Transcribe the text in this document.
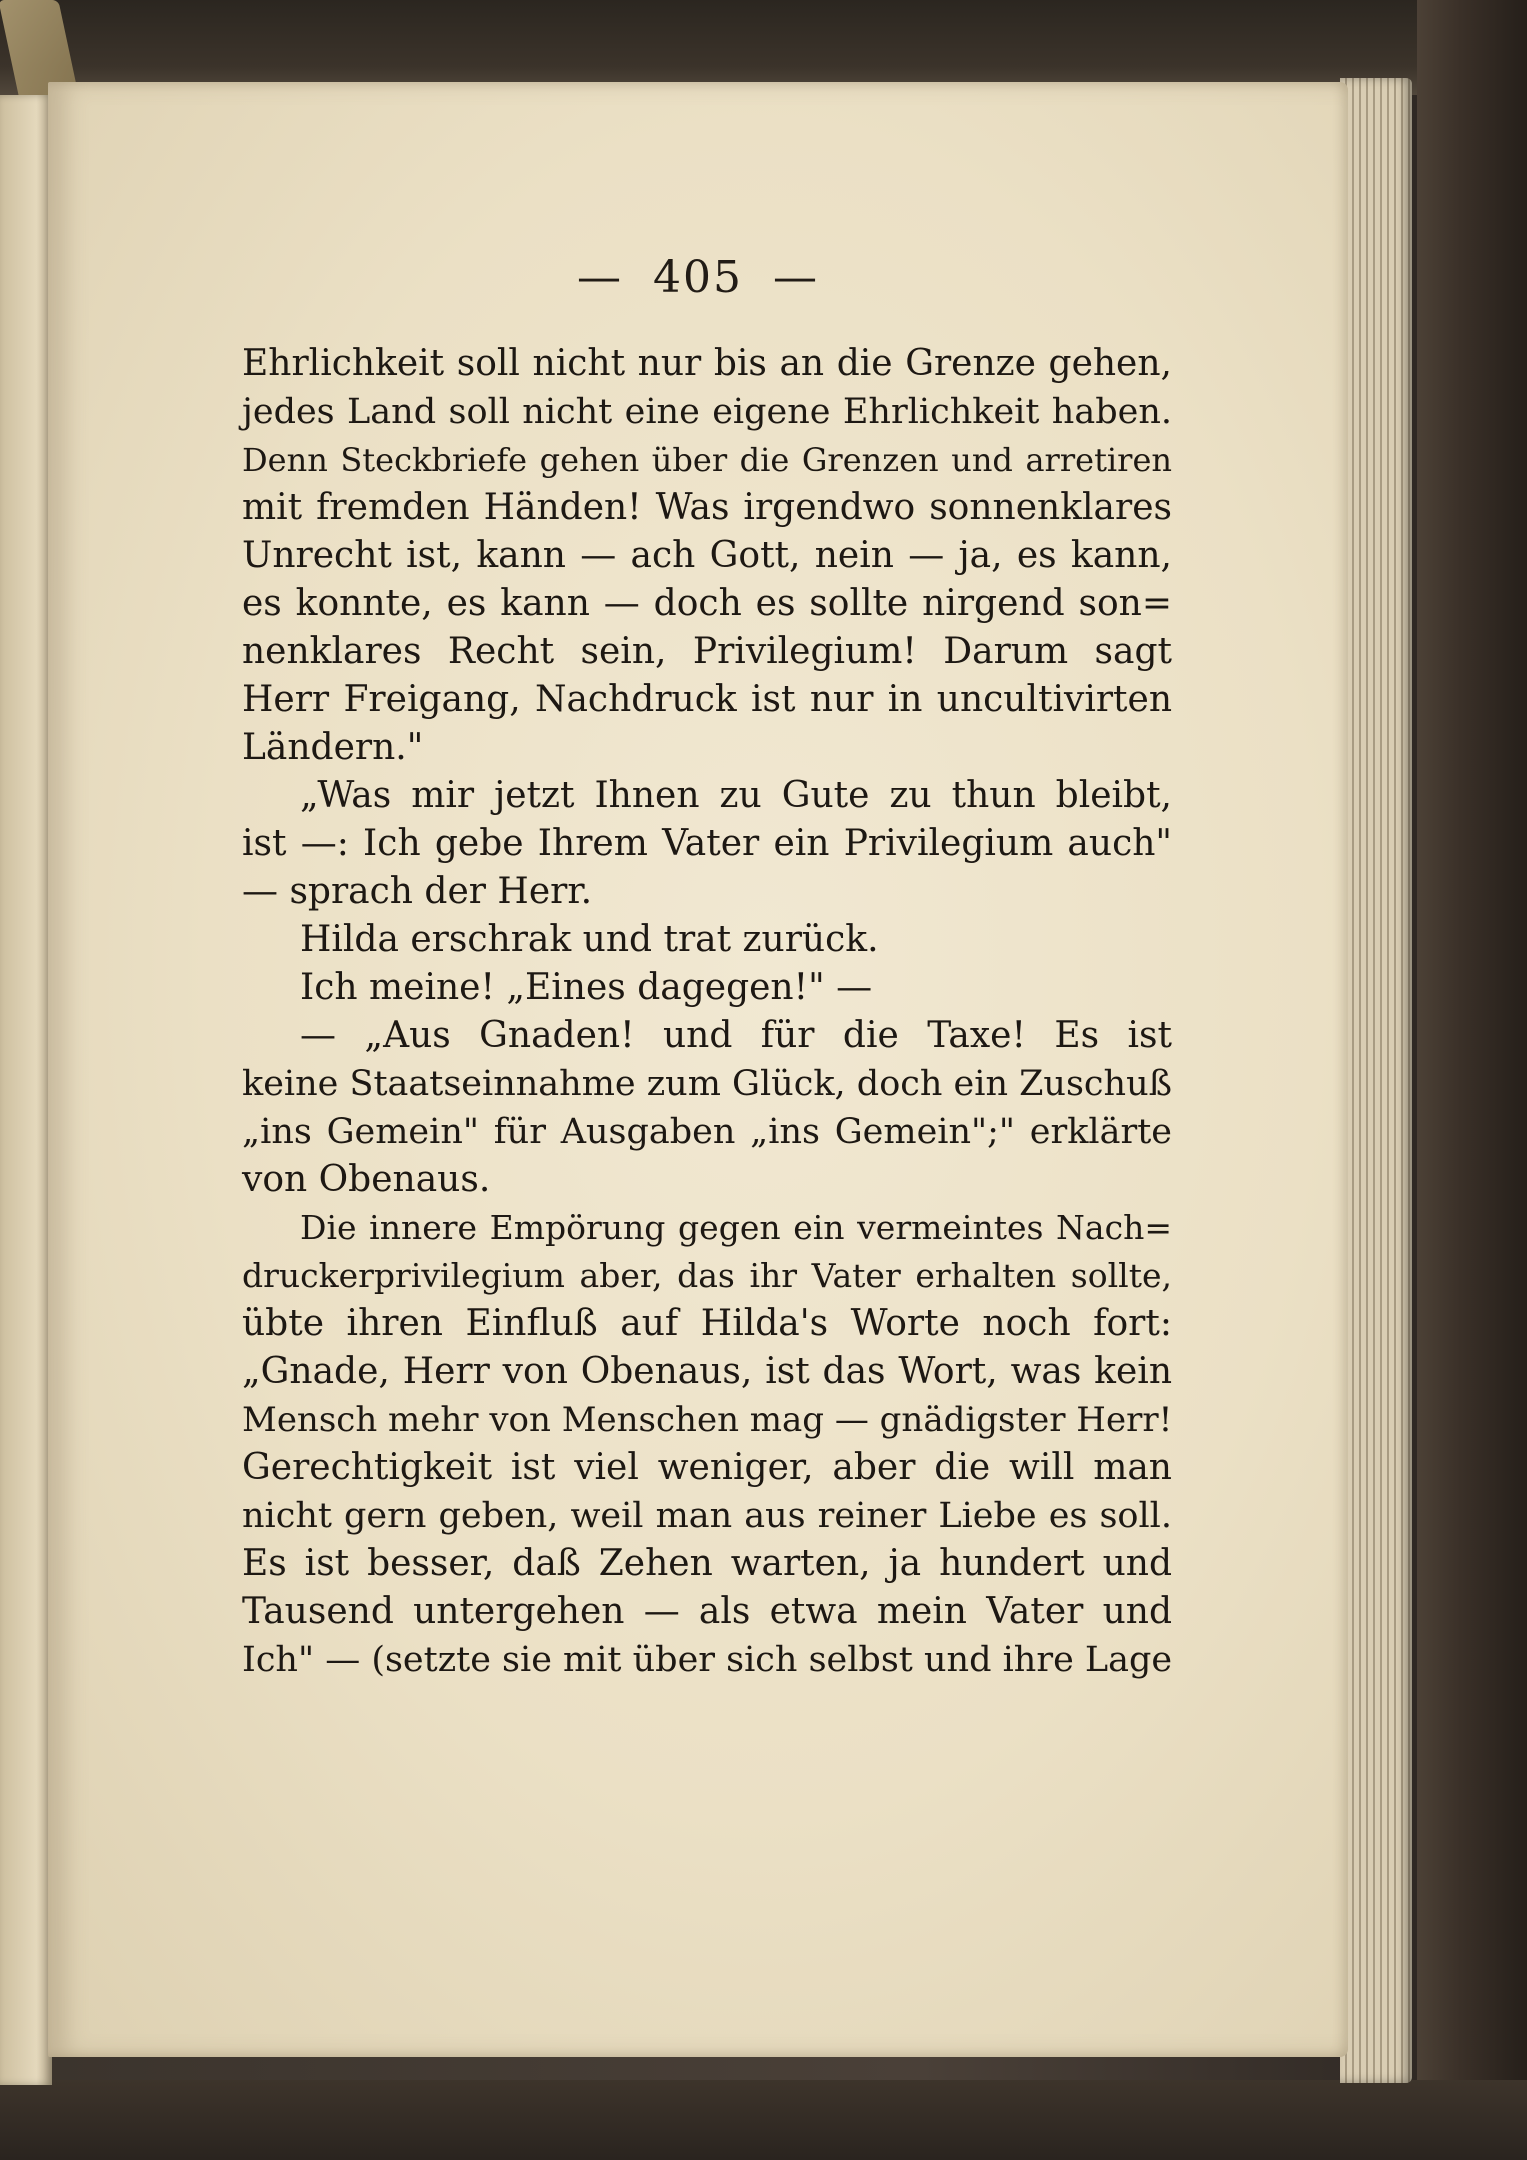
— 405 —
Ehrlichkeit soll nicht nur bis an die Grenze gehen,
jedes Land soll nicht eine eigene Ehrlichkeit haben.
Denn Steckbriefe gehen über die Grenzen und arretiren
mit fremden Händen! Was irgendwo sonnenklares
Unrecht ist, kann — ach Gott, nein — ja, es kann,
es konnte, es kann — doch es sollte nirgend son=
nenklares Recht sein, Privilegium! Darum sagt
Herr Freigang, Nachdruck ist nur in uncultivirten
Ländern."
„Was mir jetzt Ihnen zu Gute zu thun bleibt,
ist —: Ich gebe Ihrem Vater ein Privilegium auch"
— sprach der Herr.
Hilda erschrak und trat zurück.
Ich meine! „Eines dagegen!" —
— „Aus Gnaden! und für die Taxe! Es ist
keine Staatseinnahme zum Glück, doch ein Zuschuß
„ins Gemein" für Ausgaben „ins Gemein";" erklärte
von Obenaus.
Die innere Empörung gegen ein vermeintes Nach=
druckerprivilegium aber, das ihr Vater erhalten sollte,
übte ihren Einfluß auf Hilda's Worte noch fort:
„Gnade, Herr von Obenaus, ist das Wort, was kein
Mensch mehr von Menschen mag — gnädigster Herr!
Gerechtigkeit ist viel weniger, aber die will man
nicht gern geben, weil man aus reiner Liebe es soll.
Es ist besser, daß Zehen warten, ja hundert und
Tausend untergehen — als etwa mein Vater und
Ich" — (setzte sie mit über sich selbst und ihre Lage
